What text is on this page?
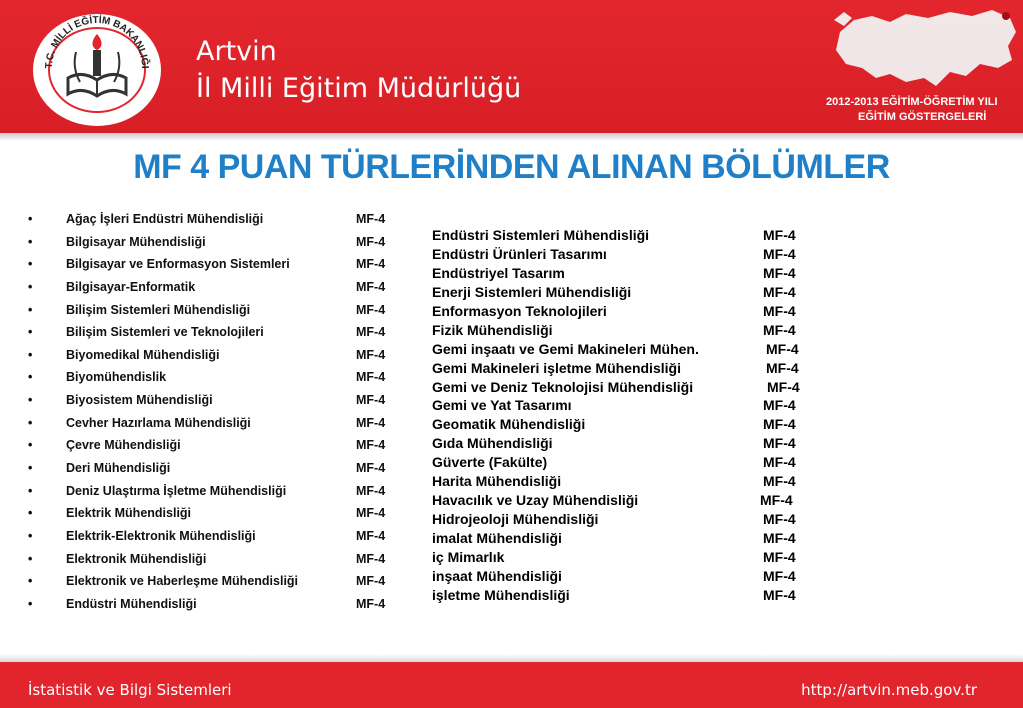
T.C. MİLLİ EĞİTİM BAKANLIĞI
Artvin
İl Milli Eğitim Müdürlüğü	2012-2013 EĞİTİM-ÖĞRETİM YILI
EĞİTİM GÖSTERGELERİ
MF 4 PUAN TÜRLERİNDEN ALINAN BÖLÜMLER
•	Ağaç İşleri Endüstri Mühendisliği	MF-4
•	Bilgisayar Mühendisliği	MF-4
•	Bilgisayar ve Enformasyon Sistemleri	MF-4
•	Bilgisayar-Enformatik	MF-4
•	Bilişim Sistemleri Mühendisliği	MF-4
•	Bilişim Sistemleri ve Teknolojileri	MF-4
•	Biyomedikal Mühendisliği	MF-4
•	Biyomühendislik	MF-4
•	Biyosistem Mühendisliği	MF-4
•	Cevher Hazırlama Mühendisliği	MF-4
•	Çevre Mühendisliği	MF-4
•	Deri Mühendisliği	MF-4
•	Deniz Ulaştırma İşletme Mühendisliği	MF-4
•	Elektrik Mühendisliği	MF-4
•	Elektrik-Elektronik Mühendisliği	MF-4
•	Elektronik Mühendisliği	MF-4
•	Elektronik ve Haberleşme Mühendisliği	MF-4
•	Endüstri Mühendisliği	MF-4
Endüstri Sistemleri Mühendisliği	MF-4
Endüstri Ürünleri Tasarımı	MF-4
Endüstriyel Tasarım	MF-4
Enerji Sistemleri Mühendisliği	MF-4
Enformasyon Teknolojileri	MF-4
Fizik Mühendisliği	MF-4
Gemi inşaatı ve Gemi Makineleri Mühen.	MF-4
Gemi Makineleri işletme Mühendisliği	MF-4
Gemi ve Deniz Teknolojisi Mühendisliği	MF-4
Gemi ve Yat Tasarımı	MF-4
Geomatik Mühendisliği	MF-4
Gıda Mühendisliği	MF-4
Güverte (Fakülte)	MF-4
Harita Mühendisliği	MF-4
Havacılık ve Uzay Mühendisliği	MF-4
Hidrojeoloji Mühendisliği	MF-4
imalat Mühendisliği	MF-4
iç Mimarlık	MF-4
inşaat Mühendisliği	MF-4
işletme Mühendisliği	MF-4
İstatistik ve Bilgi Sistemleri	http://artvin.meb.gov.tr
